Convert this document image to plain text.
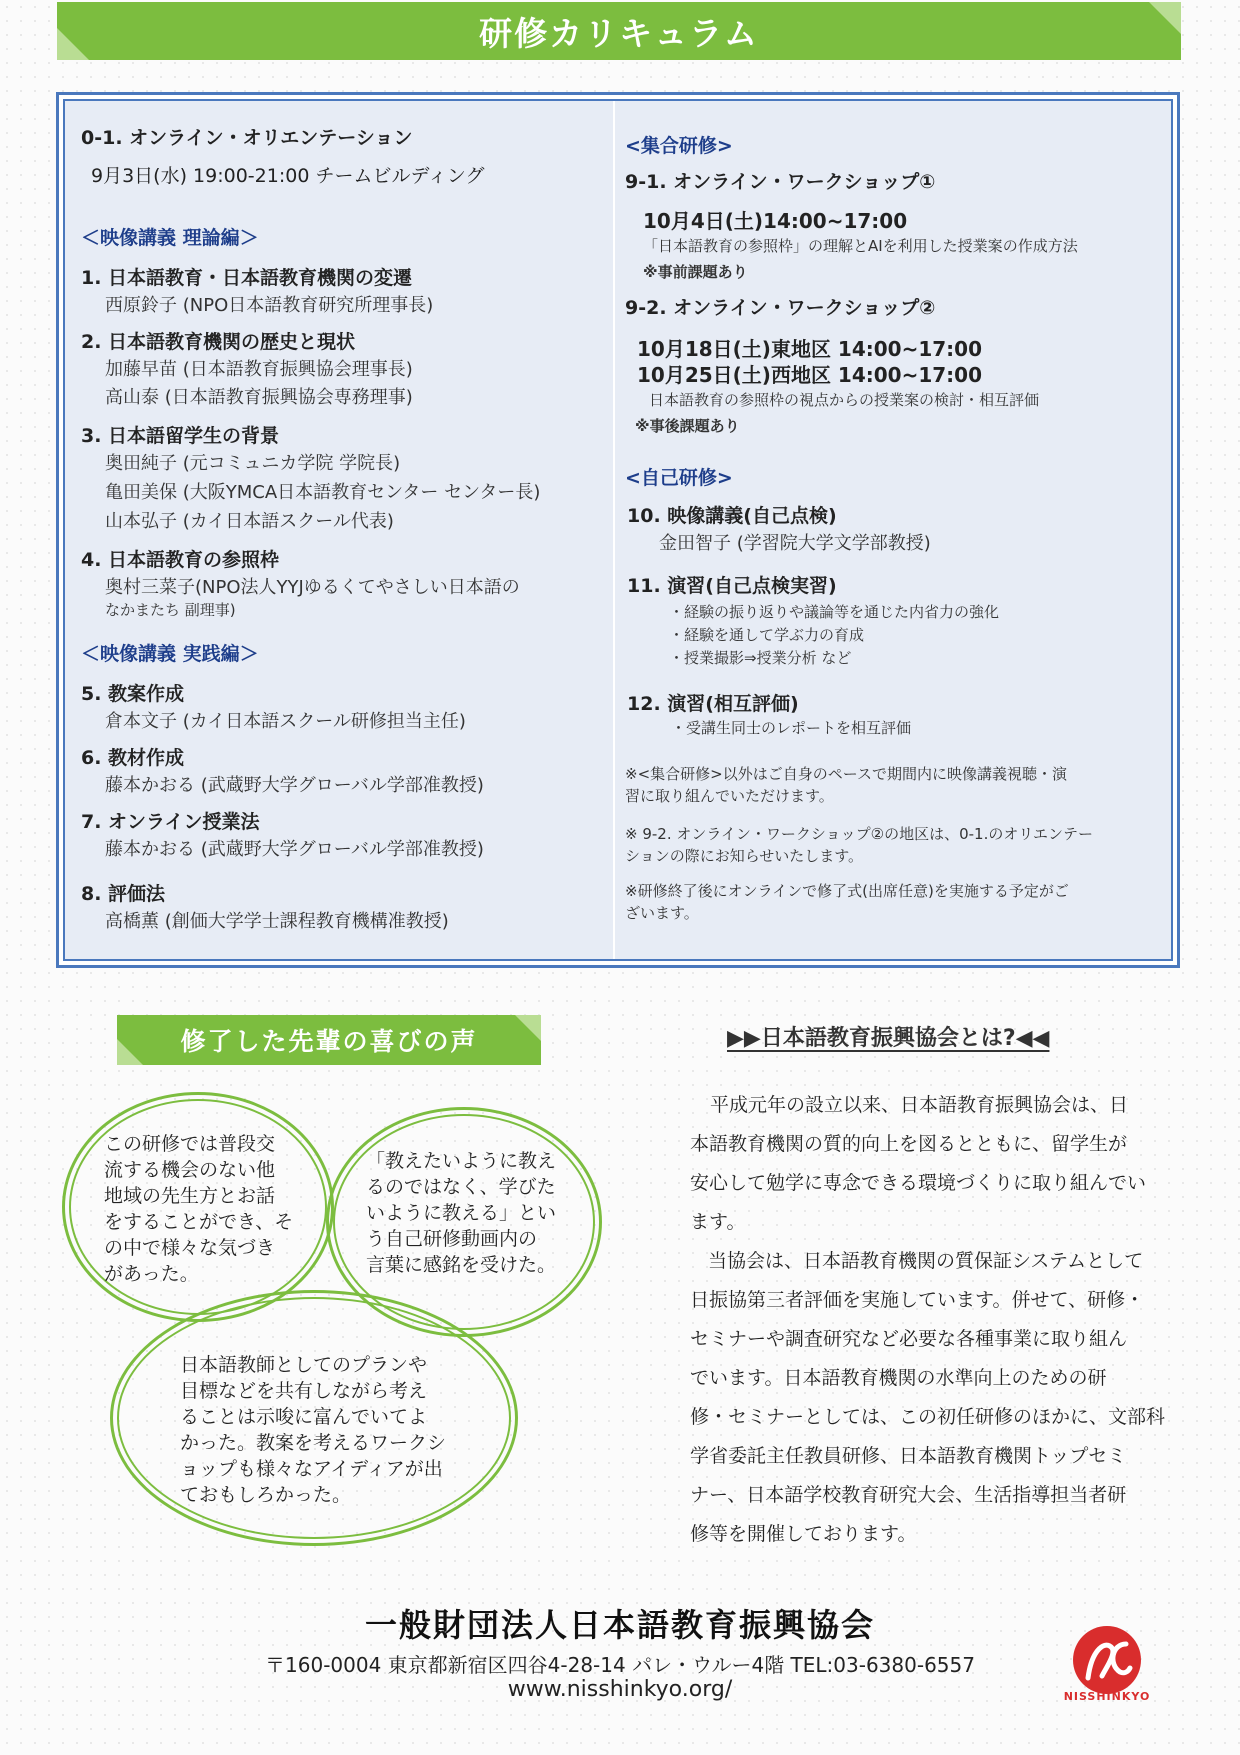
研修カリキュラム
0-1. オンライン・オリエンテーション
9月3日(水) 19:00-21:00 チームビルディング
＜映像講義 理論編＞
1. 日本語教育・日本語教育機関の変遷
西原鈴子 (NPO日本語教育研究所理事長)
2. 日本語教育機関の歴史と現状
加藤早苗 (日本語教育振興協会理事長)
高山泰 (日本語教育振興協会専務理事)
3. 日本語留学生の背景
奥田純子 (元コミュニカ学院 学院長)
亀田美保 (大阪YMCA日本語教育センター センター長)
山本弘子 (カイ日本語スクール代表)
4. 日本語教育の参照枠
奥村三菜子(NPO法人YYJゆるくてやさしい日本語の
なかまたち 副理事)
＜映像講義 実践編＞
5. 教案作成
倉本文子 (カイ日本語スクール研修担当主任)
6. 教材作成
藤本かおる (武蔵野大学グローバル学部准教授)
7. オンライン授業法
藤本かおる (武蔵野大学グローバル学部准教授)
8. 評価法
高橋薫 (創価大学学士課程教育機構准教授)
<集合研修>
9-1. オンライン・ワークショップ①
10月4日(土)14:00~17:00
「日本語教育の参照枠」の理解とAIを利用した授業案の作成方法
※事前課題あり
9-2. オンライン・ワークショップ②
10月18日(土)東地区 14:00~17:00
10月25日(土)西地区 14:00~17:00
日本語教育の参照枠の視点からの授業案の検討・相互評価
※事後課題あり
<自己研修>
10. 映像講義(自己点検)
金田智子 (学習院大学文学部教授)
11. 演習(自己点検実習)
・経験の振り返りや議論等を通じた内省力の強化
・経験を通して学ぶ力の育成
・授業撮影⇒授業分析 など
12. 演習(相互評価)
・受講生同士のレポートを相互評価
※<集合研修>以外はご自身のペースで期間内に映像講義視聴・演
習に取り組んでいただけます。
※ 9-2. オンライン・ワークショップ②の地区は、0-1.のオリエンテー
ションの際にお知らせいたします。
※研修終了後にオンラインで修了式(出席任意)を実施する予定がご
ざいます。
修了した先輩の喜びの声
この研修では普段交
流する機会のない他
地域の先生方とお話
をすることができ、そ
の中で様々な気づき
があった。
「教えたいように教え
るのではなく、学びた
いように教える」とい
う自己研修動画内の
言葉に感銘を受けた。
日本語教師としてのプランや
目標などを共有しながら考え
ることは示唆に富んでいてよ
かった。教案を考えるワークシ
ョップも様々なアイディアが出
ておもしろかった。
▶▶日本語教育振興協会とは?◀◀
平成元年の設立以来、日本語教育振興協会は、日
本語教育機関の質的向上を図るとともに、留学生が
安心して勉学に専念できる環境づくりに取り組んでい
ます。
当協会は、日本語教育機関の質保証システムとして
日振協第三者評価を実施しています。併せて、研修・
セミナーや調査研究など必要な各種事業に取り組ん
でいます。日本語教育機関の水準向上のための研
修・セミナーとしては、この初任研修のほかに、文部科
学省委託主任教員研修、日本語教育機関トップセミ
ナー、日本語学校教育研究大会、生活指導担当者研
修等を開催しております。
一般財団法人日本語教育振興協会
〒160-0004 東京都新宿区四谷4-28-14 パレ・ウルー4階 TEL:03-6380-6557
www.nisshinkyo.org/	NISSHINKYO
